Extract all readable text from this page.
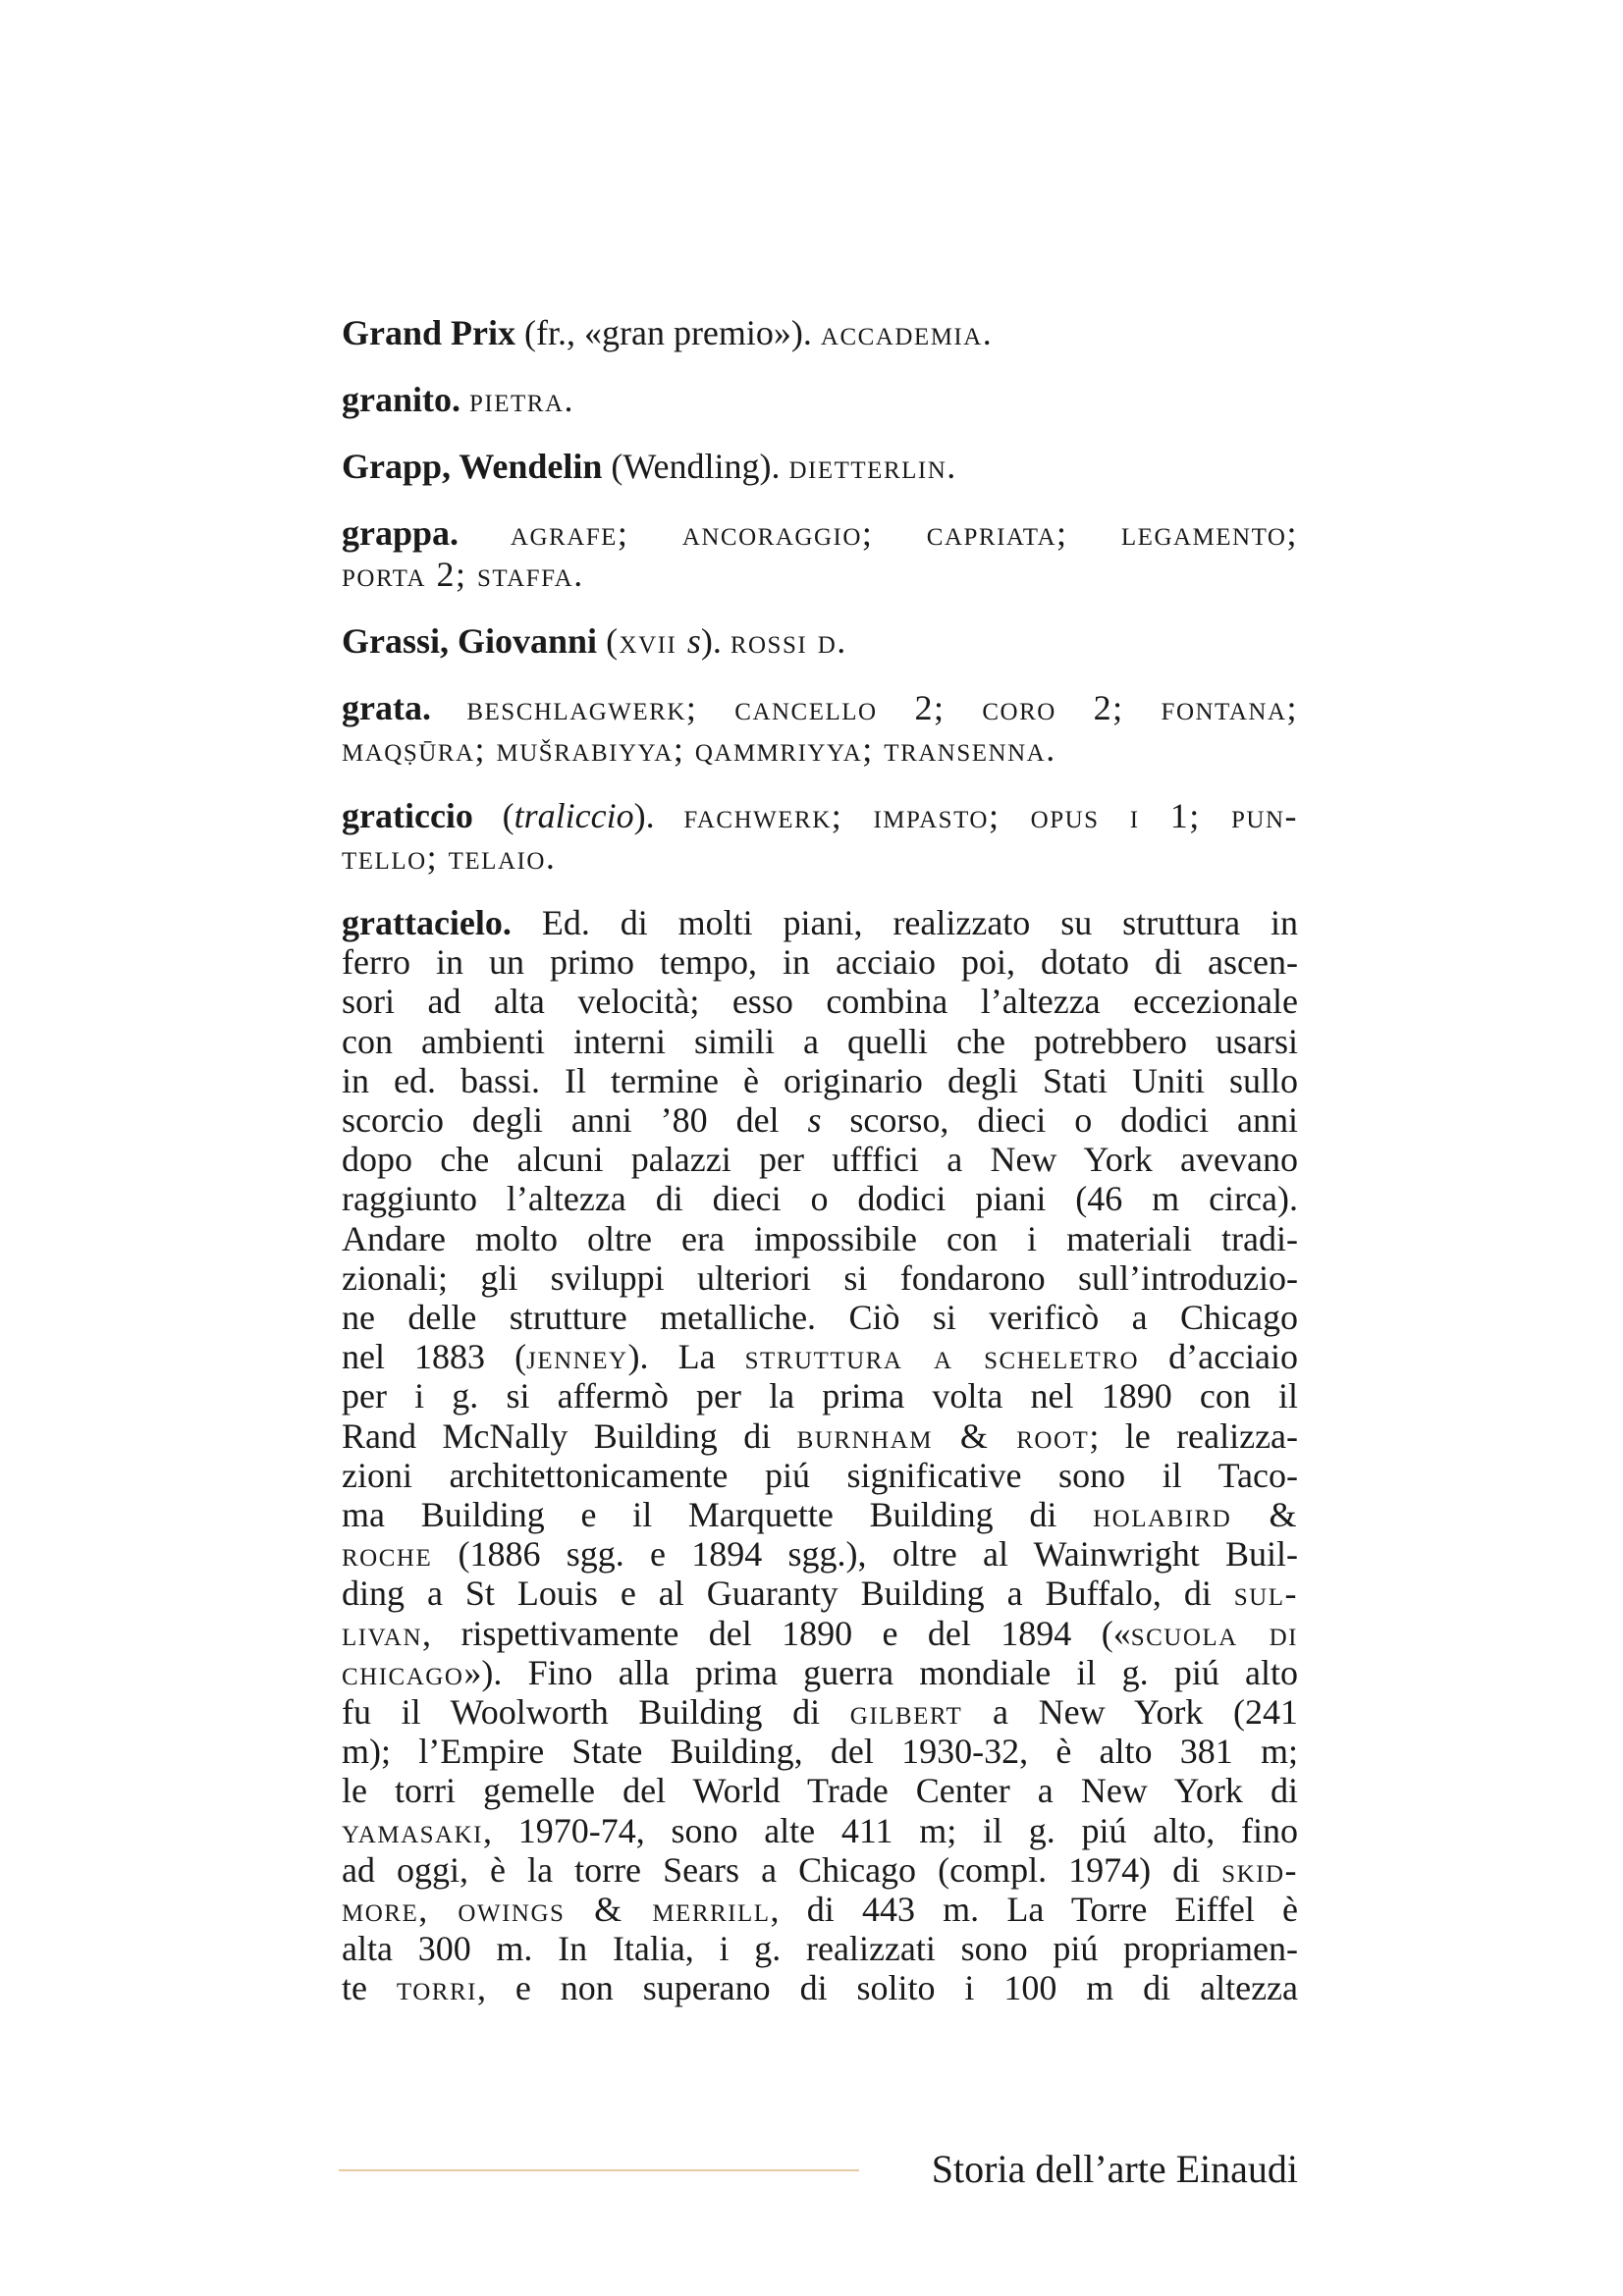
Grand Prix (fr., «gran premio»). accademia.

granito. pietra.

Grapp, Wendelin (Wendling). dietterlin.

grappa. agrafe; ancoraggio; capriata; legamento;
porta 2; staffa.

Grassi, Giovanni (xvii s). rossi d.

grata. beschlagwerk; cancello 2; coro 2; fontana;
maqṣūra; mušrabiyya; qammriyya; transenna.

graticcio (traliccio). fachwerk; impasto; opus i 1; pun-
tello; telaio.

grattacielo. Ed. di molti piani, realizzato su struttura in
ferro in un primo tempo, in acciaio poi, dotato di ascen-
sori ad alta velocità; esso combina l’altezza eccezionale
con ambienti interni simili a quelli che potrebbero usarsi
in ed. bassi. Il termine è originario degli Stati Uniti sullo
scorcio degli anni ’80 del s scorso, dieci o dodici anni
dopo che alcuni palazzi per ufffici a New York avevano
raggiunto l’altezza di dieci o dodici piani (46 m circa).
Andare molto oltre era impossibile con i materiali tradi-
zionali; gli sviluppi ulteriori si fondarono sull’introduzio-
ne delle strutture metalliche. Ciò si verificò a Chicago
nel 1883 (jenney). La struttura a scheletro d’acciaio
per i g. si affermò per la prima volta nel 1890 con il
Rand McNally Building di burnham & root; le realizza-
zioni architettonicamente piú significative sono il Taco-
ma Building e il Marquette Building di holabird &
roche (1886 sgg. e 1894 sgg.), oltre al Wainwright Buil-
ding a St Louis e al Guaranty Building a Buffalo, di sul-
livan, rispettivamente del 1890 e del 1894 («scuola di
chicago»). Fino alla prima guerra mondiale il g. piú alto
fu il Woolworth Building di gilbert a New York (241
m); l’Empire State Building, del 1930-32, è alto 381 m;
le torri gemelle del World Trade Center a New York di
yamasaki, 1970-74, sono alte 411 m; il g. piú alto, fino
ad oggi, è la torre Sears a Chicago (compl. 1974) di skid-
more, owings & merrill, di 443 m. La Torre Eiffel è
alta 300 m. In Italia, i g. realizzati sono piú propriamen-
te torri, e non superano di solito i 100 m di altezza
Storia dell’arte Einaudi
